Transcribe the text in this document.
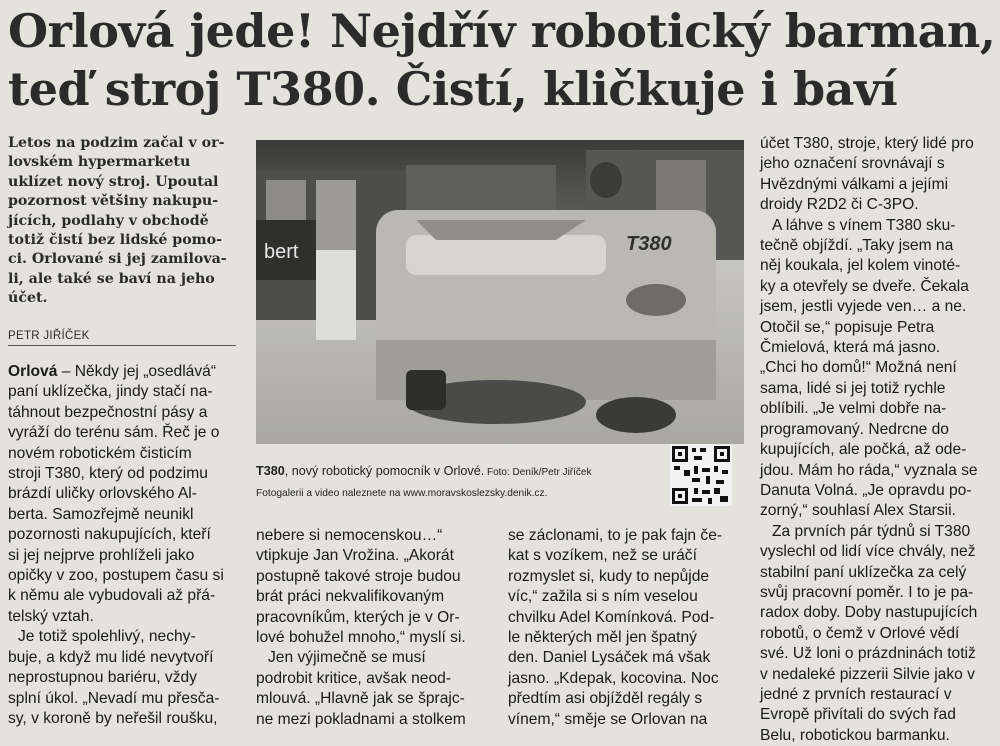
Orlová jede! Nejdřív robotický barman,
teď stroj T380. Čistí, kličkuje i baví
Letos na podzim začal v or-
lovském hypermarketu
uklízet nový stroj. Upoutal
pozornost většiny nakupu-
jících, podlahy v obchodě
totiž čistí bez lidské pomo-
ci. Orlované si jej zamilova-
li, ale také se baví na jeho
účet.
PETR JIŘÍČEK
Orlová – Někdy jej „osedlává“
paní uklízečka, jindy stačí na-
táhnout bezpečnostní pásy a
vyráží do terénu sám. Řeč je o
novém robotickém čisticím
stroji T380, který od podzimu
brázdí uličky orlovského Al-
berta. Samozřejmě neunikl
pozornosti nakupujících, kteří
si jej nejprve prohlíželi jako
opičky v zoo, postupem času si
k němu ale vybudovali až přá-
telský vztah.
Je totiž spolehlivý, nechy-
buje, a když mu lidé nevytvoří
neprostupnou bariéru, vždy
splní úkol. „Nevadí mu přesča-
sy, v koroně by neřešil roušku,
bert	T380
T380, nový robotický pomocník v Orlové. Foto: Deník/Petr Jiříček
Fotogalerii a video naleznete na www.moravskoslezsky.denik.cz.
nebere si nemocenskou…“
vtipkuje Jan Vrožina. „Akorát
postupně takové stroje budou
brát práci nekvalifikovaným
pracovníkům, kterých je v Or-
lové bohužel mnoho,“ myslí si.
Jen výjimečně se musí
podrobit kritice, avšak neod-
mlouvá. „Hlavně jak se šprajc-
ne mezi pokladnami a stolkem
se záclonami, to je pak fajn če-
kat s vozíkem, než se uráčí
rozmyslet si, kudy to nepůjde
víc,“ zažila si s ním veselou
chvilku Adel Komínková. Pod-
le některých měl jen špatný
den. Daniel Lysáček má však
jasno. „Kdepak, kocovina. Noc
předtím asi objížděl regály s
vínem,“ směje se Orlovan na
účet T380, stroje, který lidé pro
jeho označení srovnávají s
Hvězdnými válkami a jejími
droidy R2D2 či C-3PO.
A láhve s vínem T380 sku-
tečně objíždí. „Taky jsem na
něj koukala, jel kolem vinoté-
ky a otevřely se dveře. Čekala
jsem, jestli vyjede ven… a ne.
Otočil se,“ popisuje Petra
Čmielová, která má jasno.
„Chci ho domů!“ Možná není
sama, lidé si jej totiž rychle
oblíbili. „Je velmi dobře na-
programovaný. Nedrcne do
kupujících, ale počká, až ode-
jdou. Mám ho ráda,“ vyznala se
Danuta Volná. „Je opravdu po-
zorný,“ souhlasí Alex Starsii.
Za prvních pár týdnů si T380
vyslechl od lidí více chvály, než
stabilní paní uklízečka za celý
svůj pracovní poměr. I to je pa-
radox doby. Doby nastupujících
robotů, o čemž v Orlové vědí
své. Už loni o prázdninách totiž
v nedaleké pizzerii Silvie jako v
jedné z prvních restaurací v
Evropě přivítali do svých řad
Belu, robotickou barmanku.
